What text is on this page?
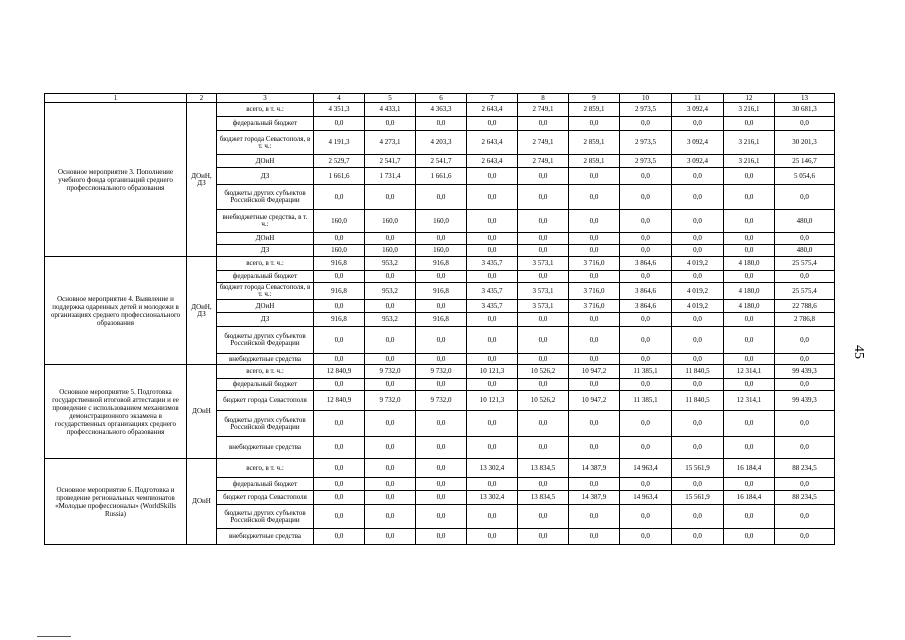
1	2	3	4	5	6	7	8	9	10	11	12	13
Основное мероприятие 3. Пополнение учебного фонда организаций среднего профессионального образования	ДОиН, ДЗ	всего, в т. ч.:	4 351,3	4 433,1	4 363,3	2 643,4	2 749,1	2 859,1	2 973,5	3 092,4	3 216,1	30 681,3
		федеральный бюджет	0,0	0,0	0,0	0,0	0,0	0,0	0,0	0,0	0,0	0,0
		бюджет города Севастополя, в т. ч.:	4 191,3	4 273,1	4 203,3	2 643,4	2 749,1	2 859,1	2 973,5	3 092,4	3 216,1	30 201,3
		ДОиН	2 529,7	2 541,7	2 541,7	2 643,4	2 749,1	2 859,1	2 973,5	3 092,4	3 216,1	25 146,7
		ДЗ	1 661,6	1 731,4	1 661,6	0,0	0,0	0,0	0,0	0,0	0,0	5 054,6
		бюджеты других субъектов Российской Федерации	0,0	0,0	0,0	0,0	0,0	0,0	0,0	0,0	0,0	0,0
		внебюджетные средства, в т. ч.:	160,0	160,0	160,0	0,0	0,0	0,0	0,0	0,0	0,0	480,0
		ДОиН	0,0	0,0	0,0	0,0	0,0	0,0	0,0	0,0	0,0	0,0
		ДЗ	160,0	160,0	160,0	0,0	0,0	0,0	0,0	0,0	0,0	480,0
Основное мероприятие 4. Выявление и поддержка одаренных детей и молодежи в организациях среднего профессионального образования	ДОиН, ДЗ	всего, в т. ч.:	916,8	953,2	916,8	3 435,7	3 573,1	3 716,0	3 864,6	4 019,2	4 180,0	25 575,4
		федеральный бюджет	0,0	0,0	0,0	0,0	0,0	0,0	0,0	0,0	0,0	0,0
		бюджет города Севастополя, в т. ч.:	916,8	953,2	916,8	3 435,7	3 573,1	3 716,0	3 864,6	4 019,2	4 180,0	25 575,4
		ДОиН	0,0	0,0	0,0	3 435,7	3 573,1	3 716,0	3 864,6	4 019,2	4 180,0	22 788,6
		ДЗ	916,8	953,2	916,8	0,0	0,0	0,0	0,0	0,0	0,0	2 786,8
		бюджеты других субъектов Российской Федерации	0,0	0,0	0,0	0,0	0,0	0,0	0,0	0,0	0,0	0,0
		внебюджетные средства	0,0	0,0	0,0	0,0	0,0	0,0	0,0	0,0	0,0	0,0
Основное мероприятие 5. Подготовка государственной итоговой аттестации и ее проведение с использованием механизмов демонстрационного экзамена в государственных организациях среднего профессионального образования	ДОиН	всего, в т. ч.:	12 840,9	9 732,0	9 732,0	10 121,3	10 526,2	10 947,2	11 385,1	11 840,5	12 314,1	99 439,3
		федеральный бюджет	0,0	0,0	0,0	0,0	0,0	0,0	0,0	0,0	0,0	0,0
		бюджет города Севастополя	12 840,9	9 732,0	9 732,0	10 121,3	10 526,2	10 947,2	11 385,1	11 840,5	12 314,1	99 439,3
		бюджеты других субъектов Российской Федерации	0,0	0,0	0,0	0,0	0,0	0,0	0,0	0,0	0,0	0,0
		внебюджетные средства	0,0	0,0	0,0	0,0	0,0	0,0	0,0	0,0	0,0	0,0
Основное мероприятие 6. Подготовка и проведение региональных чемпионатов «Молодые профессионалы» (WorldSkills Russia)	ДОиН	всего, в т. ч.:	0,0	0,0	0,0	13 302,4	13 834,5	14 387,9	14 963,4	15 561,9	16 184,4	88 234,5
		федеральный бюджет	0,0	0,0	0,0	0,0	0,0	0,0	0,0	0,0	0,0	0,0
		бюджет города Севастополя	0,0	0,0	0,0	13 302,4	13 834,5	14 387,9	14 963,4	15 561,9	16 184,4	88 234,5
		бюджеты других субъектов Российской Федерации	0,0	0,0	0,0	0,0	0,0	0,0	0,0	0,0	0,0	0,0
		внебюджетные средства	0,0	0,0	0,0	0,0	0,0	0,0	0,0	0,0	0,0	0,0
45
